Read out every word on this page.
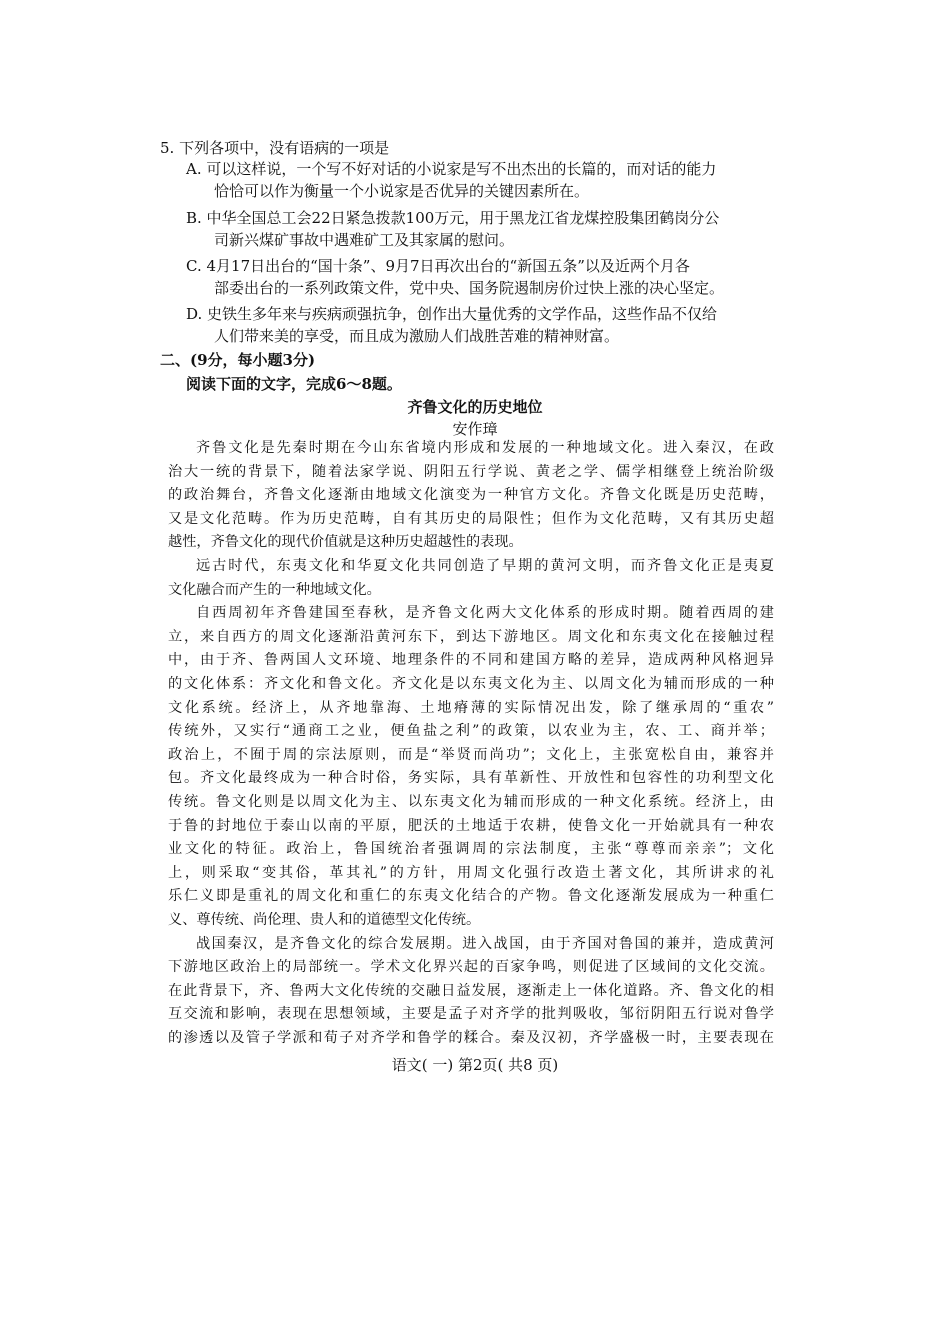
5. 下列各项中，没有语病的一项是
A. 可以这样说，一个写不好对话的小说家是写不出杰出的长篇的，而对话的能力
恰恰可以作为衡量一个小说家是否优异的关键因素所在。
B. 中华全国总工会22日紧急拨款100万元，用于黑龙江省龙煤控股集团鹤岗分公
司新兴煤矿事故中遇难矿工及其家属的慰问。
C. 4月17日出台的“国十条”、9月7日再次出台的“新国五条”以及近两个月各
部委出台的一系列政策文件，党中央、国务院遏制房价过快上涨的决心坚定。
D. 史铁生多年来与疾病顽强抗争，创作出大量优秀的文学作品，这些作品不仅给
人们带来美的享受，而且成为激励人们战胜苦难的精神财富。
二、(9分，每小题3分)
阅读下面的文字，完成6～8题。
齐鲁文化的历史地位
安作璋
齐鲁文化是先秦时期在今山东省境内形成和发展的一种地域文化。进入秦汉，在政
治大一统的背景下，随着法家学说、阴阳五行学说、黄老之学、儒学相继登上统治阶级
的政治舞台，齐鲁文化逐渐由地域文化演变为一种官方文化。齐鲁文化既是历史范畴，
又是文化范畴。作为历史范畴，自有其历史的局限性；但作为文化范畴，又有其历史超
越性，齐鲁文化的现代价值就是这种历史超越性的表现。
远古时代，东夷文化和华夏文化共同创造了早期的黄河文明，而齐鲁文化正是夷夏
文化融合而产生的一种地域文化。
自西周初年齐鲁建国至春秋，是齐鲁文化两大文化体系的形成时期。随着西周的建
立，来自西方的周文化逐渐沿黄河东下，到达下游地区。周文化和东夷文化在接触过程
中，由于齐、鲁两国人文环境、地理条件的不同和建国方略的差异，造成两种风格迥异
的文化体系：齐文化和鲁文化。齐文化是以东夷文化为主、以周文化为辅而形成的一种
文化系统。经济上，从齐地靠海、土地瘠薄的实际情况出发，除了继承周的“重农”
传统外，又实行“通商工之业，便鱼盐之利”的政策，以农业为主，农、工、商并举；
政治上，不囿于周的宗法原则，而是“举贤而尚功”；文化上，主张宽松自由，兼容并
包。齐文化最终成为一种合时俗，务实际，具有革新性、开放性和包容性的功利型文化
传统。鲁文化则是以周文化为主、以东夷文化为辅而形成的一种文化系统。经济上，由
于鲁的封地位于泰山以南的平原，肥沃的土地适于农耕，使鲁文化一开始就具有一种农
业文化的特征。政治上，鲁国统治者强调周的宗法制度，主张“尊尊而亲亲”；文化
上，则采取“变其俗，革其礼”的方针，用周文化强行改造土著文化，其所讲求的礼
乐仁义即是重礼的周文化和重仁的东夷文化结合的产物。鲁文化逐渐发展成为一种重仁
义、尊传统、尚伦理、贵人和的道德型文化传统。
战国秦汉，是齐鲁文化的综合发展期。进入战国，由于齐国对鲁国的兼并，造成黄河
下游地区政治上的局部统一。学术文化界兴起的百家争鸣，则促进了区域间的文化交流。
在此背景下，齐、鲁两大文化传统的交融日益发展，逐渐走上一体化道路。齐、鲁文化的相
互交流和影响，表现在思想领域，主要是孟子对齐学的批判吸收，邹衍阴阳五行说对鲁学
的渗透以及管子学派和荀子对齐学和鲁学的糅合。秦及汉初，齐学盛极一时，主要表现在
语文( 一) 第2页( 共8 页)
